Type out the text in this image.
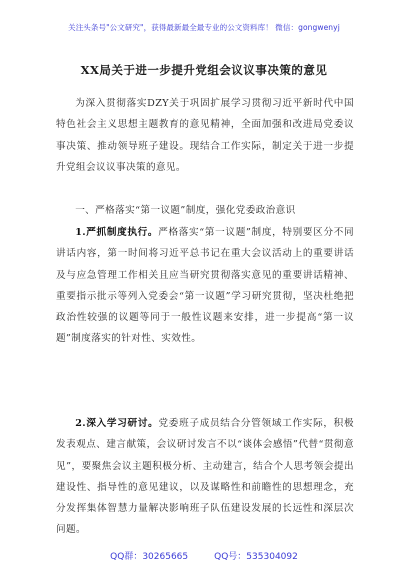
关注头条号"公文研究"，获得最新最全最专业的公文资料库！ 微信：gongwenyj
XX局关于进一步提升党组会议议事决策的意见
为深入贯彻落实DZY关于巩固扩展学习贯彻习近平新时代中国特色社会主义思想主题教育的意见精神，全面加强和改进局党委议事决策、推动领导班子建设。现结合工作实际，制定关于进一步提升党组会议议事决策的意见。
一、严格落实“第一议题”制度，强化党委政治意识
1.严抓制度执行。严格落实“第一议题”制度，特别要区分不同讲话内容，第一时间将习近平总书记在重大会议活动上的重要讲话及与应急管理工作相关且应当研究贯彻落实意见的重要讲话精神、重要指示批示等列入党委会“第一议题”学习研究贯彻，坚决杜绝把政治性较强的议题等同于一般性议题来安排，进一步提高“第一议题”制度落实的针对性、实效性。
2.深入学习研讨。党委班子成员结合分管领域工作实际，积极发表观点、建言献策，会议研讨发言不以“谈体会感悟”代替“贯彻意见”，要聚焦会议主题积极分析、主动建言，结合个人思考领会提出建设性、指导性的意见建议，以及谋略性和前瞻性的思想理念，充分发挥集体智慧力量解决影响班子队伍建设发展的长远性和深层次问题。
QQ群：30265665	QQ号：535304092
